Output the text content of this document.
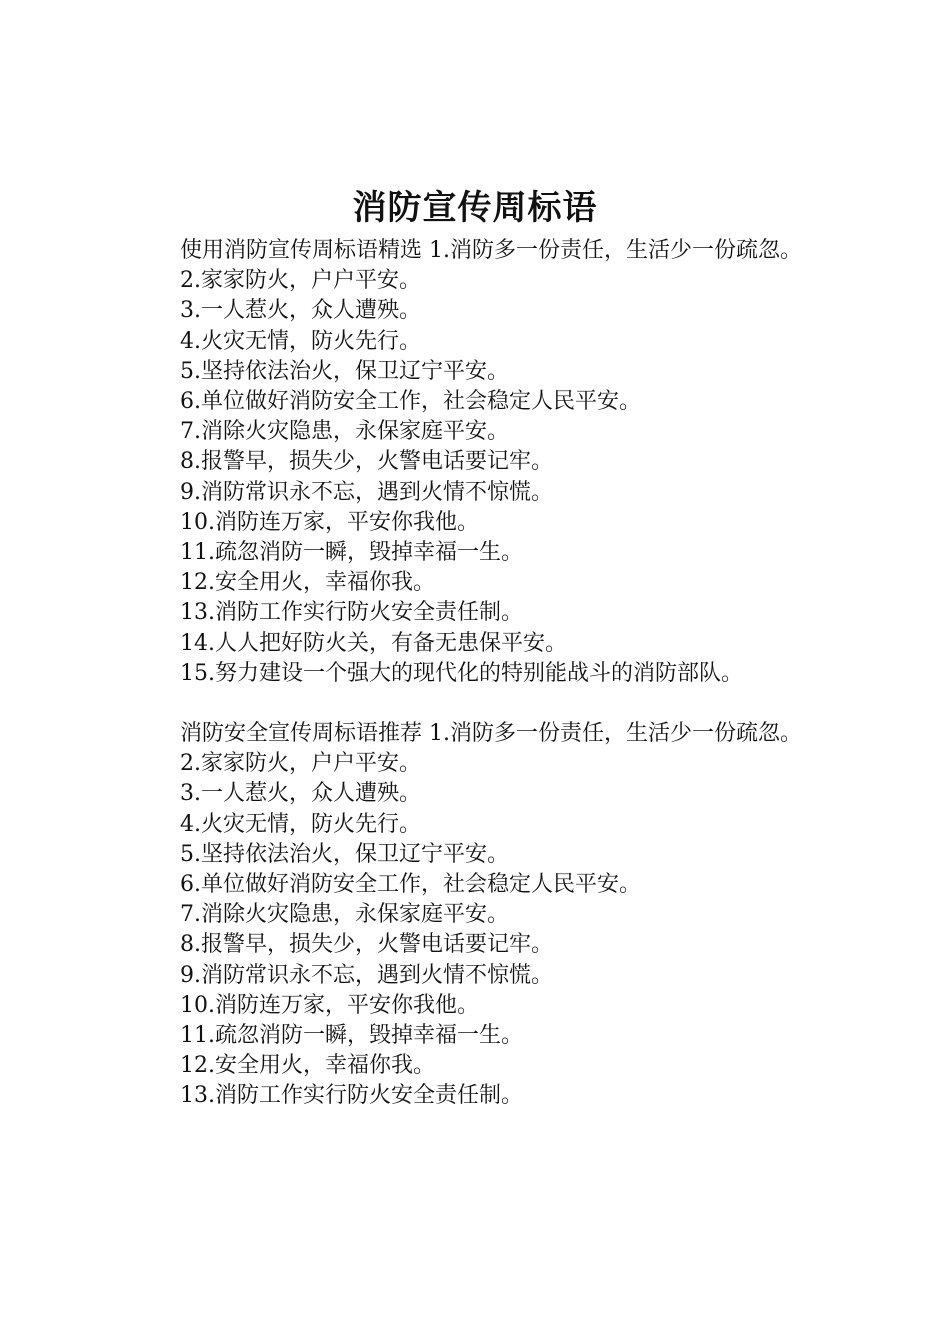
消防宣传周标语

使用消防宣传周标语精选 1.消防多一份责任，生活少一份疏忽。

2.家家防火，户户平安。

3.一人惹火，众人遭殃。

4.火灾无情，防火先行。

5.坚持依法治火，保卫辽宁平安。

6.单位做好消防安全工作，社会稳定人民平安。

7.消除火灾隐患，永保家庭平安。

8.报警早，损失少，火警电话要记牢。

9.消防常识永不忘，遇到火情不惊慌。

10.消防连万家，平安你我他。

11.疏忽消防一瞬，毁掉幸福一生。

12.安全用火，幸福你我。

13.消防工作实行防火安全责任制。

14.人人把好防火关，有备无患保平安。

15.努力建设一个强大的现代化的特别能战斗的消防部队。

消防安全宣传周标语推荐 1.消防多一份责任，生活少一份疏忽。

2.家家防火，户户平安。

3.一人惹火，众人遭殃。

4.火灾无情，防火先行。

5.坚持依法治火，保卫辽宁平安。

6.单位做好消防安全工作，社会稳定人民平安。

7.消除火灾隐患，永保家庭平安。

8.报警早，损失少，火警电话要记牢。

9.消防常识永不忘，遇到火情不惊慌。

10.消防连万家，平安你我他。

11.疏忽消防一瞬，毁掉幸福一生。

12.安全用火，幸福你我。

13.消防工作实行防火安全责任制。
